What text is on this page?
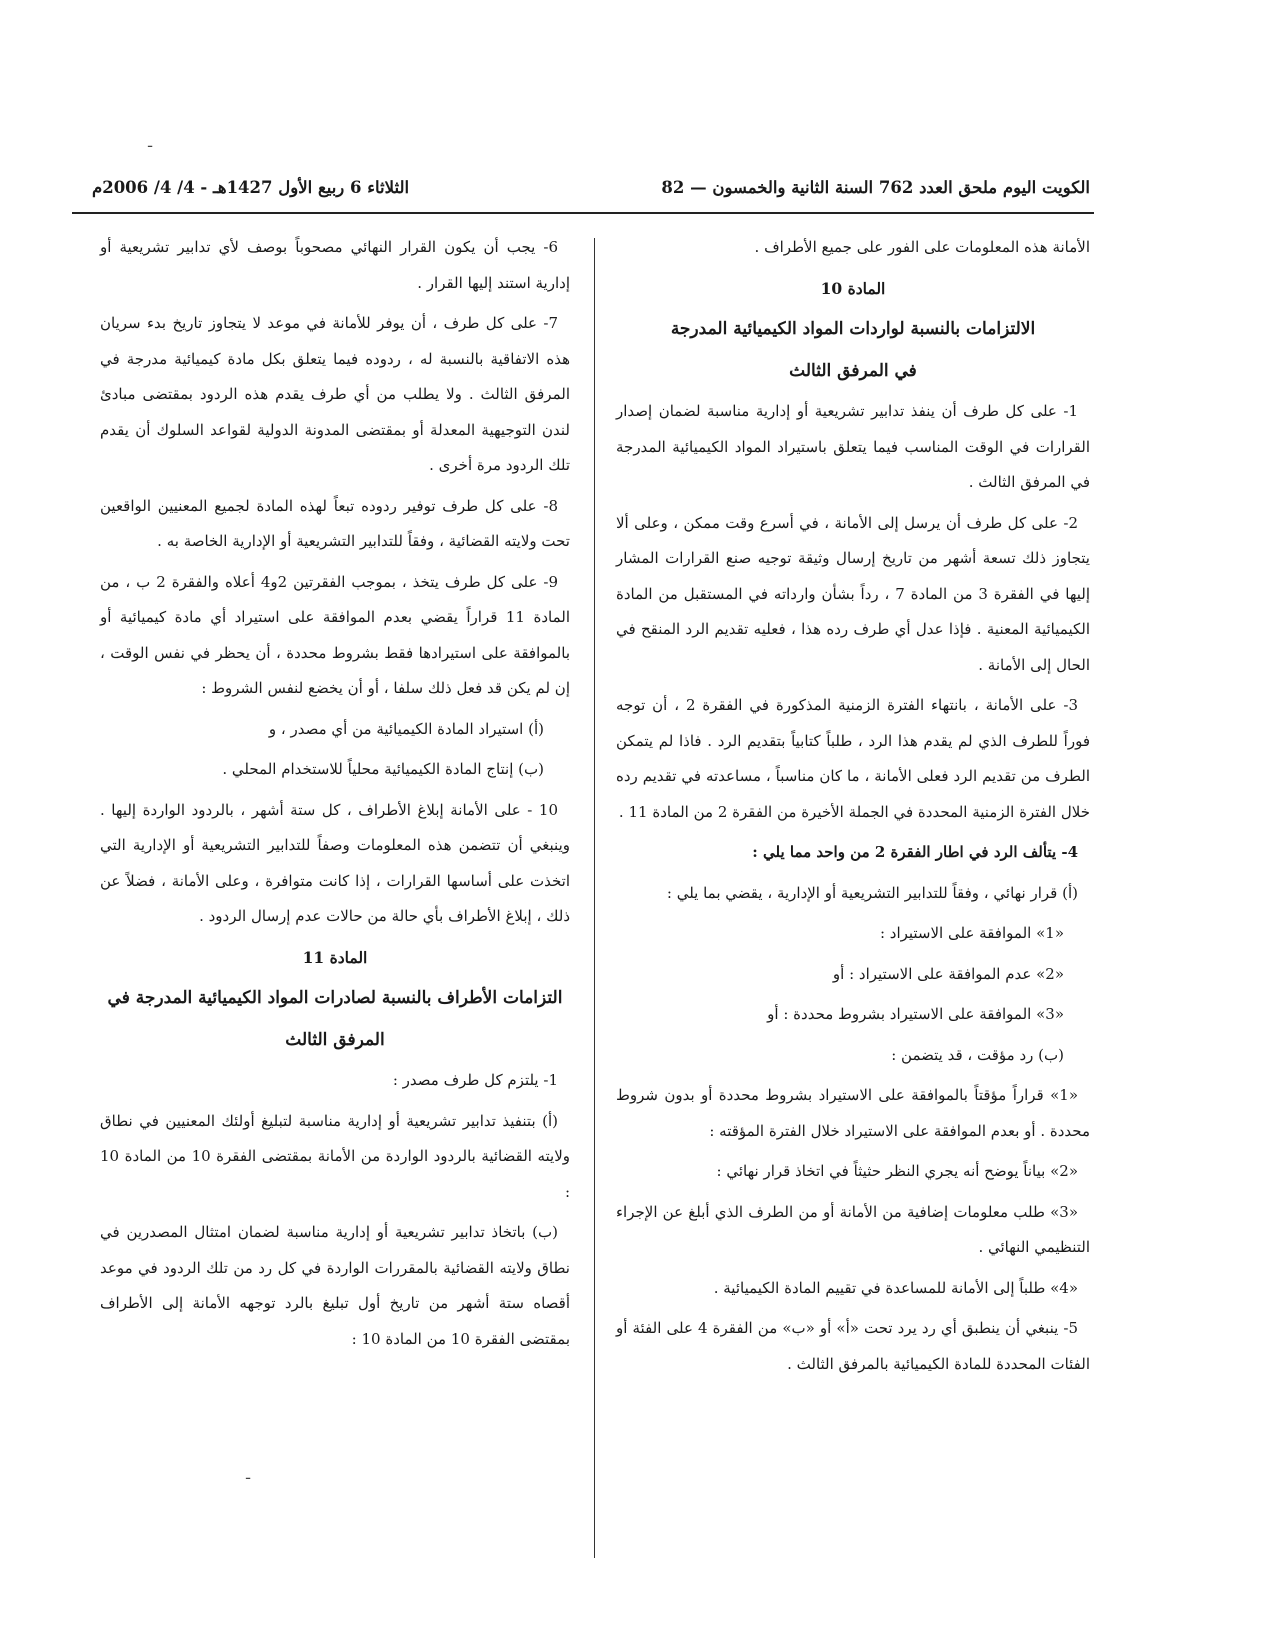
ـ
ـ
الكويت اليوم ملحق العدد 762 السنة الثانية والخمسون — 82
الثلاثاء 6 ربيع الأول 1427هـ - 4/ 4/ 2006م

الأمانة هذه المعلومات على الفور على جميع الأطراف .

المادة 10
الالتزامات بالنسبة لواردات المواد الكيميائية المدرجة
في المرفق الثالث

1- على كل طرف أن ينفذ تدابير تشريعية أو إدارية مناسبة لضمان إصدار القرارات في الوقت المناسب فيما يتعلق باستيراد المواد الكيميائية المدرجة في المرفق الثالث .

2- على كل طرف أن يرسل إلى الأمانة ، في أسرع وقت ممكن ، وعلى ألا يتجاوز ذلك تسعة أشهر من تاريخ إرسال وثيقة توجيه صنع القرارات المشار إليها في الفقرة 3 من المادة 7 ، رداً بشأن وارداته في المستقبل من المادة الكيميائية المعنية . فإذا عدل أي طرف رده هذا ، فعليه تقديم الرد المنقح في الحال إلى الأمانة .

3- على الأمانة ، بانتهاء الفترة الزمنية المذكورة في الفقرة 2 ، أن توجه فوراً للطرف الذي لم يقدم هذا الرد ، طلباً كتابياً بتقديم الرد . فاذا لم يتمكن الطرف من تقديم الرد فعلى الأمانة ، ما كان مناسباً ، مساعدته في تقديم رده خلال الفترة الزمنية المحددة في الجملة الأخيرة من الفقرة 2 من المادة 11 .

4- يتألف الرد في اطار الفقرة 2 من واحد مما يلي :

(أ) قرار نهائي ، وفقاً للتدابير التشريعية أو الإدارية ، يقضي بما يلي :

«1» الموافقة على الاستيراد :

«2» عدم الموافقة على الاستيراد : أو

«3» الموافقة على الاستيراد بشروط محددة : أو

(ب) رد مؤقت ، قد يتضمن :

«1» قراراً مؤقتاً بالموافقة على الاستيراد بشروط محددة أو بدون شروط محددة . أو بعدم الموافقة على الاستيراد خلال الفترة المؤقته :

«2» بياناً يوضح أنه يجري النظر حثيثاً في اتخاذ قرار نهائي :

«3» طلب معلومات إضافية من الأمانة أو من الطرف الذي أبلغ عن الإجراء التنظيمي النهائي .

«4» طلباً إلى الأمانة للمساعدة في تقييم المادة الكيميائية .

5- ينبغي أن ينطبق أي رد يرد تحت «أ» أو «ب» من الفقرة 4 على الفئة أو الفئات المحددة للمادة الكيميائية بالمرفق الثالث .

6- يجب أن يكون القرار النهائي مصحوباً بوصف لأي تدابير تشريعية أو إدارية استند إليها القرار .

7- على كل طرف ، أن يوفر للأمانة في موعد لا يتجاوز تاريخ بدء سريان هذه الاتفاقية بالنسبة له ، ردوده فيما يتعلق بكل مادة كيميائية مدرجة في المرفق الثالث . ولا يطلب من أي طرف يقدم هذه الردود بمقتضى مبادئ لندن التوجيهية المعدلة أو بمقتضى المدونة الدولية لقواعد السلوك أن يقدم تلك الردود مرة أخرى .

8- على كل طرف توفير ردوده تبعاً لهذه المادة لجميع المعنيين الواقعين تحت ولايته القضائية ، وفقاً للتدابير التشريعية أو الإدارية الخاصة به .

9- على كل طرف يتخذ ، بموجب الفقرتين 2و4 أعلاه والفقرة 2 ب ، من المادة 11 قراراً يقضي بعدم الموافقة على استيراد أي مادة كيميائية أو بالموافقة على استيرادها فقط بشروط محددة ، أن يحظر في نفس الوقت ، إن لم يكن قد فعل ذلك سلفا ، أو أن يخضع لنفس الشروط :

(أ) استيراد المادة الكيميائية من أي مصدر ، و

(ب) إنتاج المادة الكيميائية محلياً للاستخدام المحلي .

10 - على الأمانة إبلاغ الأطراف ، كل ستة أشهر ، بالردود الواردة إليها . وينبغي أن تتضمن هذه المعلومات وصفاً للتدابير التشريعية أو الإدارية التي اتخذت على أساسها القرارات ، إذا كانت متوافرة ، وعلى الأمانة ، فضلاً عن ذلك ، إبلاغ الأطراف بأي حالة من حالات عدم إرسال الردود .

المادة 11
التزامات الأطراف بالنسبة لصادرات المواد الكيميائية المدرجة في
المرفق الثالث

1- يلتزم كل طرف مصدر :

(أ) بتنفيذ تدابير تشريعية أو إدارية مناسبة لتبليغ أولئك المعنيين في نطاق ولايته القضائية بالردود الواردة من الأمانة بمقتضى الفقرة 10 من المادة 10 :

(ب) باتخاذ تدابير تشريعية أو إدارية مناسبة لضمان امتثال المصدرين في نطاق ولايته القضائية بالمقررات الواردة في كل رد من تلك الردود في موعد أقصاه ستة أشهر من تاريخ أول تبليغ بالرد توجهه الأمانة إلى الأطراف بمقتضى الفقرة 10 من المادة 10 :
